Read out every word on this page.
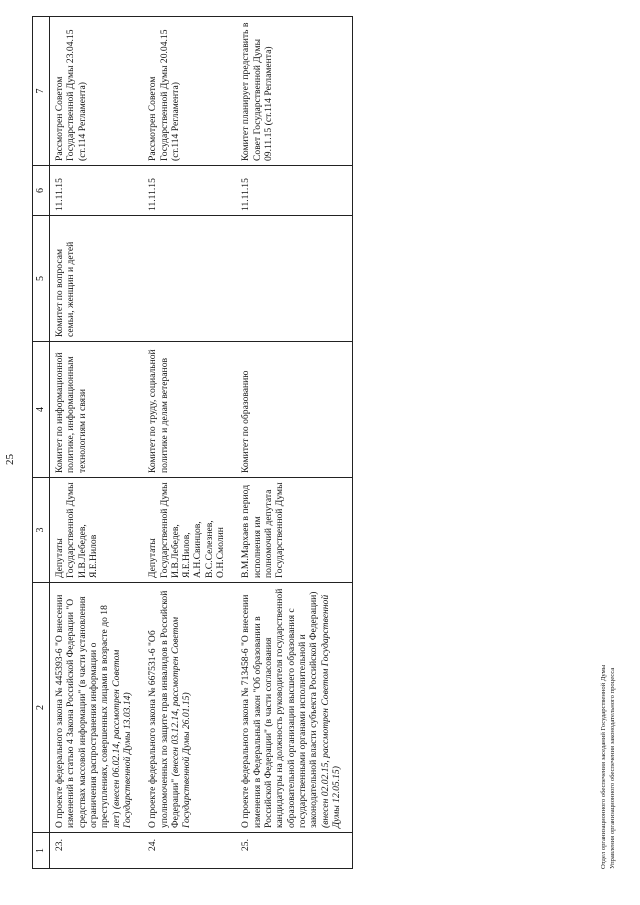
25
1	2	3	4	5	6	7
23.	О проекте федерального закона № 445393-6 "О внесении изменений в статью 4 Закона Российской Федерации "О средствах массовой информации" (в части установления ограничения распространения информации о преступлениях, совершенных лицами в возрасте до 18 лет) (внесен 06.02.14, рассмотрен Советом Государственной Думы 13.03.14)	Депутаты Государственной Думы И.В.Лебедев, Я.Е.Нилов	Комитет по информационной политике, информационным технологиям и связи	Комитет по вопросам семьи, женщин и детей	11.11.15	Рассмотрен Советом Государственной Думы 23.04.15 (ст.114 Регламента)
24.	О проекте федерального закона № 667531-6 "Об уполномоченных по защите прав инвалидов в Российской Федерации" (внесен 03.12.14, рассмотрен Советом Государственной Думы 26.01.15)	Депутаты Государственной Думы И.В.Лебедев, Я.Е.Нилов, А.Н.Свинцов, В.С.Селезнев, О.Н.Смолин	Комитет по труду, социальной политике и делам ветеранов		11.11.15	Рассмотрен Советом Государственной Думы 20.04.15 (ст.114 Регламента)
25.	О проекте федерального закона № 713458-6 "О внесении изменения в Федеральный закон "Об образовании в Российской Федерации" (в части согласования кандидатуры на должность руководителя государственной образовательной организации высшего образования с государственными органами исполнительной и законодательной власти субъекта Российской Федерации) (внесен 02.02.15, рассмотрен Советом Государственной Думы 12.05.15)	В.М.Мархаев в период исполнения им полномочий депутата Государственной Думы	Комитет по образованию		11.11.15	Комитет планирует представить в Совет Государственной Думы 09.11.15 (ст.114 Регламента)
Отдел организационного обеспечения заседаний Государственной Думы Управления организационного обеспечения законодательного процесса
